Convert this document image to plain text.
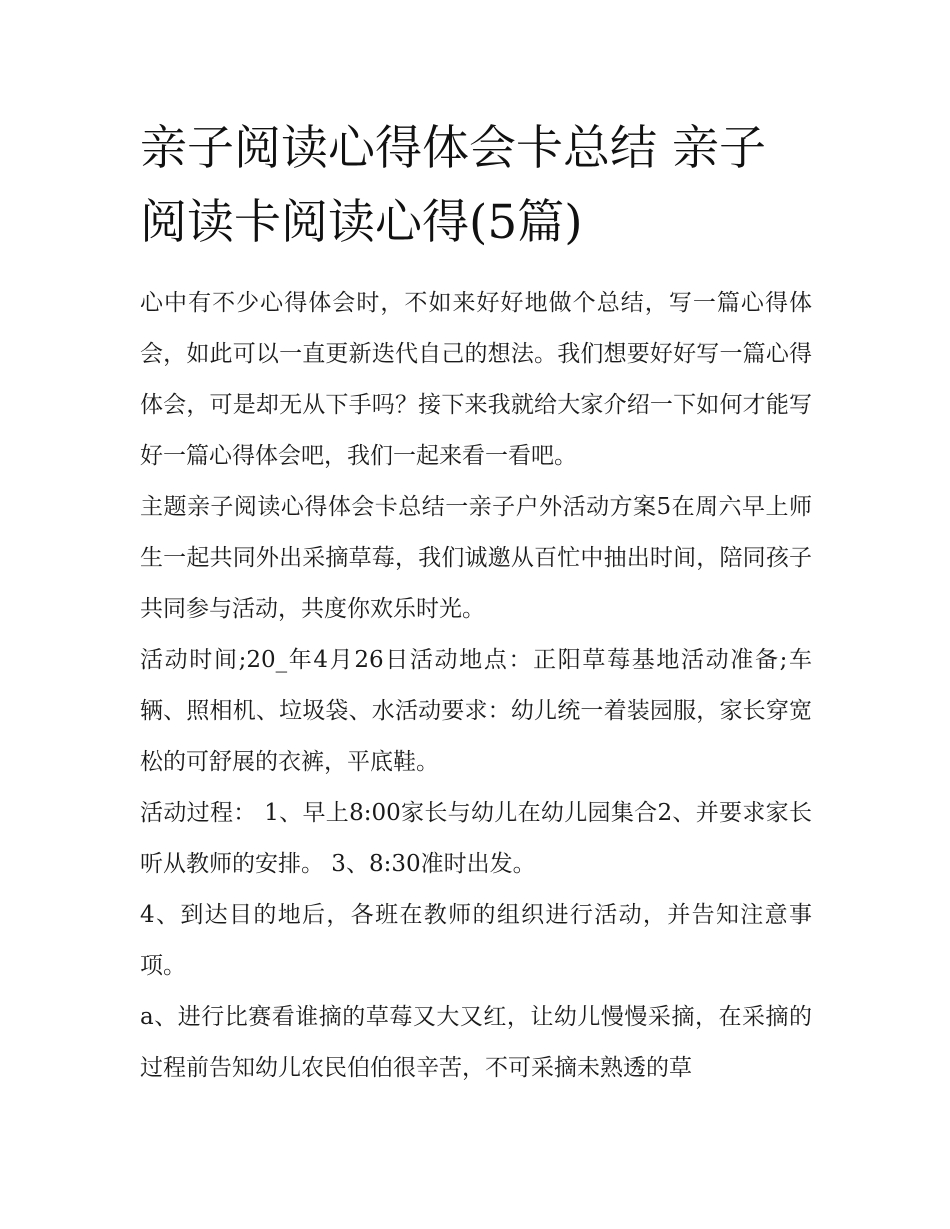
亲子阅读心得体会卡总结 亲子阅读卡阅读心得(5篇)

心中有不少心得体会时，不如来好好地做个总结，写一篇心得体会，如此可以一直更新迭代自己的想法。我们想要好好写一篇心得体会，可是却无从下手吗？接下来我就给大家介绍一下如何才能写好一篇心得体会吧，我们一起来看一看吧。

主题亲子阅读心得体会卡总结一亲子户外活动方案5在周六早上师生一起共同外出采摘草莓，我们诚邀从百忙中抽出时间，陪同孩子共同参与活动，共度你欢乐时光。

活动时间;20_年4月26日活动地点：正阳草莓基地活动准备;车辆、照相机、垃圾袋、水活动要求：幼儿统一着装园服，家长穿宽松的可舒展的衣裤，平底鞋。

活动过程： 1、早上8:00家长与幼儿在幼儿园集合2、并要求家长听从教师的安排。 3、8:30准时出发。

4、到达目的地后，各班在教师的组织进行活动，并告知注意事项。

a、进行比赛看谁摘的草莓又大又红，让幼儿慢慢采摘，在采摘的过程前告知幼儿农民伯伯很辛苦，不可采摘未熟透的草
